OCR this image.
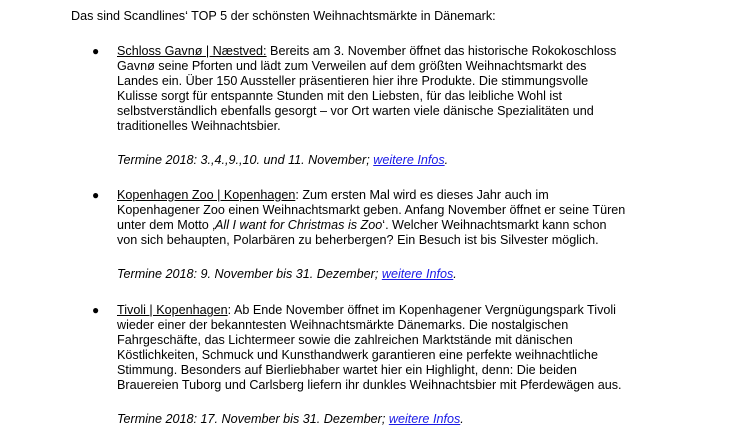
Das sind Scandlines‘ TOP 5 der schönsten Weihnachtsmärkte in Dänemark:

● Schloss Gavnø | Næstved: Bereits am 3. November öffnet das historische Rokokoschloss
Gavnø seine Pforten und lädt zum Verweilen auf dem größten Weihnachtsmarkt des
Landes ein. Über 150 Aussteller präsentieren hier ihre Produkte. Die stimmungsvolle
Kulisse sorgt für entspannte Stunden mit den Liebsten, für das leibliche Wohl ist
selbstverständlich ebenfalls gesorgt – vor Ort warten viele dänische Spezialitäten und
traditionelles Weihnachtsbier.

Termine 2018: 3.,4.,9.,10. und 11. November; weitere Infos.

● Kopenhagen Zoo | Kopenhagen: Zum ersten Mal wird es dieses Jahr auch im
Kopenhagener Zoo einen Weihnachtsmarkt geben. Anfang November öffnet er seine Türen
unter dem Motto ‚All I want for Christmas is Zoo‘. Welcher Weihnachtsmarkt kann schon
von sich behaupten, Polarbären zu beherbergen? Ein Besuch ist bis Silvester möglich.

Termine 2018: 9. November bis 31. Dezember; weitere Infos.

● Tivoli | Kopenhagen: Ab Ende November öffnet im Kopenhagener Vergnügungspark Tivoli
wieder einer der bekanntesten Weihnachtsmärkte Dänemarks. Die nostalgischen
Fahrgeschäfte, das Lichtermeer sowie die zahlreichen Marktstände mit dänischen
Köstlichkeiten, Schmuck und Kunsthandwerk garantieren eine perfekte weihnachtliche
Stimmung. Besonders auf Bierliebhaber wartet hier ein Highlight, denn: Die beiden
Brauereien Tuborg und Carlsberg liefern ihr dunkles Weihnachtsbier mit Pferdewägen aus.

Termine 2018: 17. November bis 31. Dezember; weitere Infos.
